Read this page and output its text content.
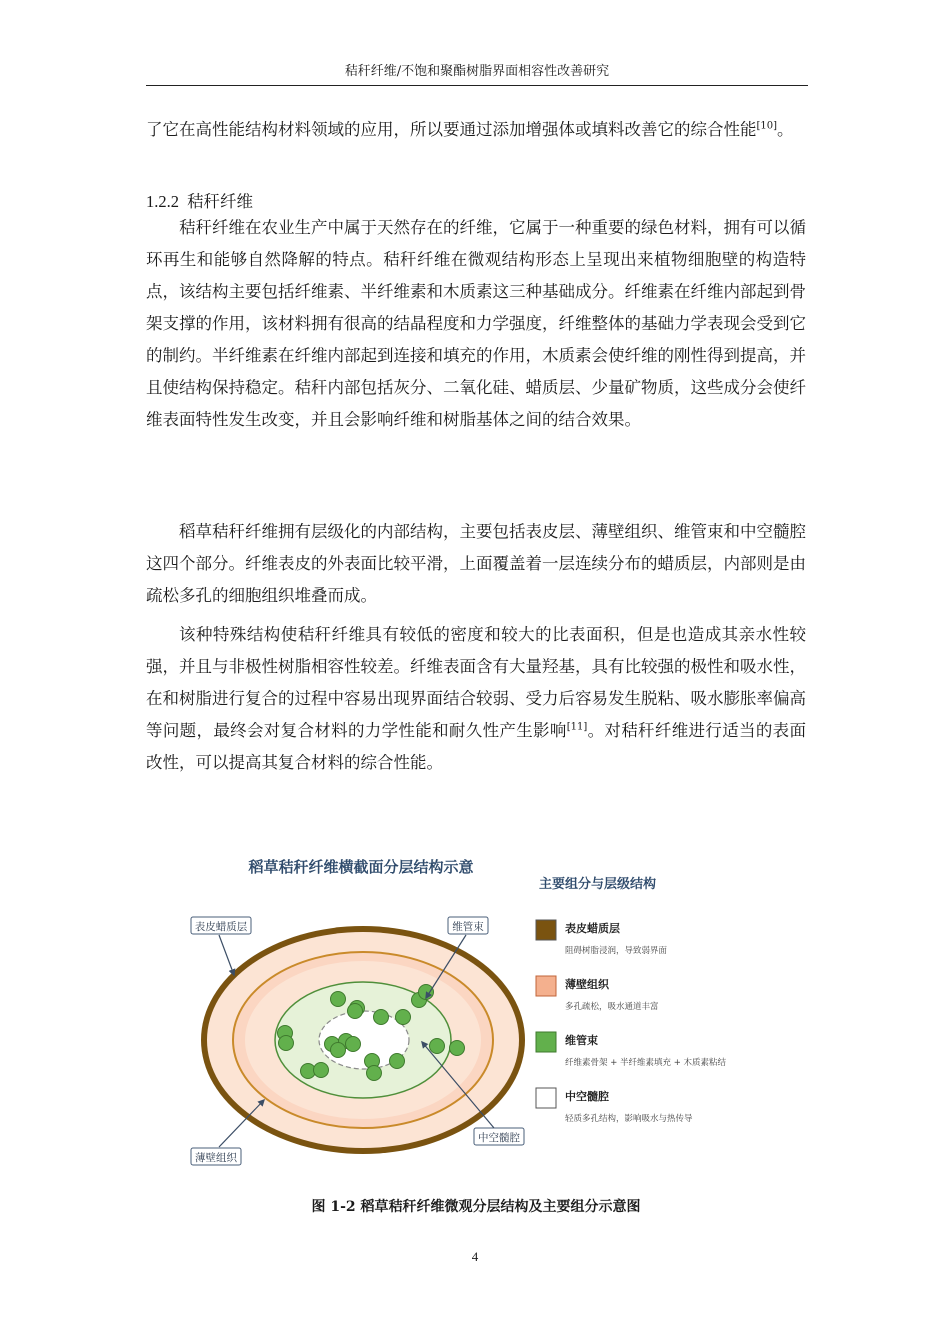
秸秆纤维/不饱和聚酯树脂界面相容性改善研究
了它在高性能结构材料领域的应用，所以要通过添加增强体或填料改善它的综合性能[10]。
1.2.2 秸秆纤维
秸秆纤维在农业生产中属于天然存在的纤维，它属于一种重要的绿色材料，拥有可以循环再生和能够自然降解的特点。秸秆纤维在微观结构形态上呈现出来植物细胞壁的构造特点，该结构主要包括纤维素、半纤维素和木质素这三种基础成分。纤维素在纤维内部起到骨架支撑的作用，该材料拥有很高的结晶程度和力学强度，纤维整体的基础力学表现会受到它的制约。半纤维素在纤维内部起到连接和填充的作用，木质素会使纤维的刚性得到提高，并且使结构保持稳定。秸秆内部包括灰分、二氧化硅、蜡质层、少量矿物质，这些成分会使纤维表面特性发生改变，并且会影响纤维和树脂基体之间的结合效果。
稻草秸秆纤维拥有层级化的内部结构，主要包括表皮层、薄壁组织、维管束和中空髓腔这四个部分。纤维表皮的外表面比较平滑，上面覆盖着一层连续分布的蜡质层，内部则是由疏松多孔的细胞组织堆叠而成。
该种特殊结构使秸秆纤维具有较低的密度和较大的比表面积，但是也造成其亲水性较强，并且与非极性树脂相容性较差。纤维表面含有大量羟基，具有比较强的极性和吸水性，在和树脂进行复合的过程中容易出现界面结合较弱、受力后容易发生脱粘、吸水膨胀率偏高等问题，最终会对复合材料的力学性能和耐久性产生影响[11]。对秸秆纤维进行适当的表面改性，可以提高其复合材料的综合性能。
稻草秸秆纤维横截面分层结构示意
表皮蜡质层	维管束
薄壁组织
中空髓腔
主要组分与层级结构
表皮蜡质层
阻碍树脂浸润，导致弱界面
薄壁组织
多孔疏松，吸水通道丰富
维管束
纤维素骨架 + 半纤维素填充 + 木质素粘结
中空髓腔
轻质多孔结构，影响吸水与热传导
图 1-2 稻草秸秆纤维微观分层结构及主要组分示意图
4
